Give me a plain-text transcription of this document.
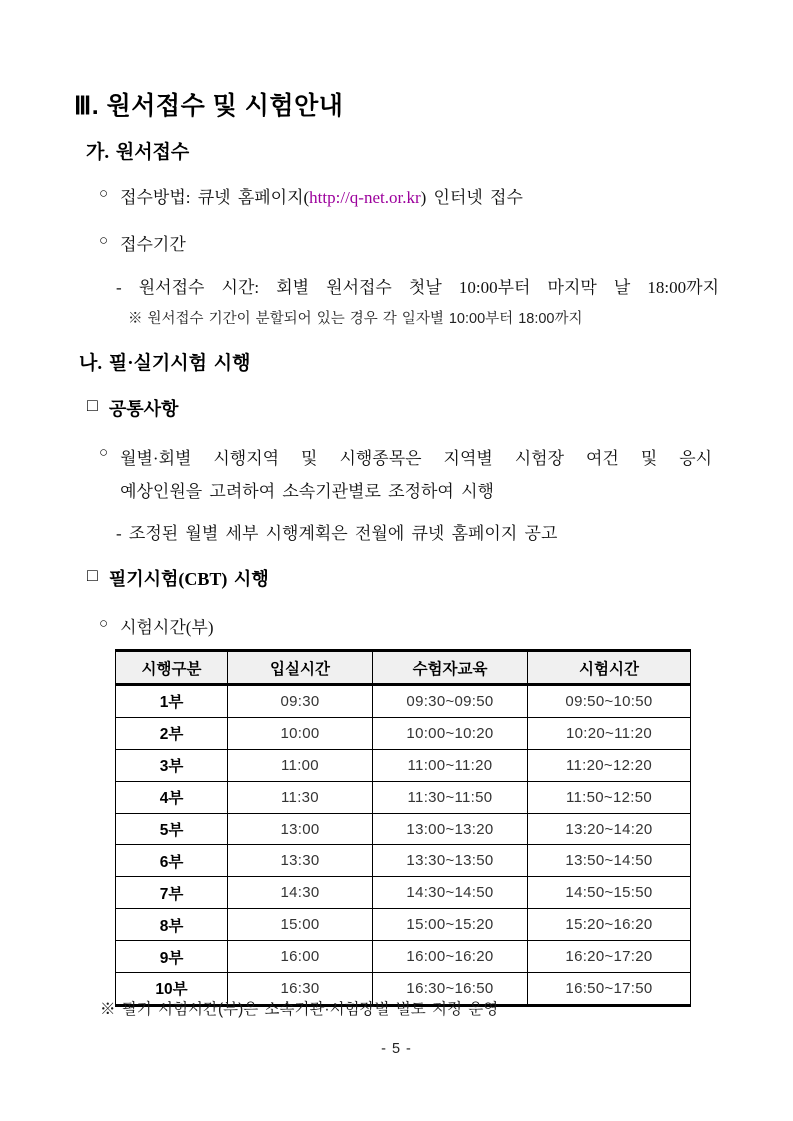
Ⅲ. 원서접수 및 시험안내
가. 원서접수
○ 접수방법: 큐넷 홈페이지(http://q-net.or.kr) 인터넷 접수
○ 접수기간
- 원서접수 시간: 회별 원서접수 첫날 10:00부터 마지막 날 18:00까지
※ 원서접수 기간이 분할되어 있는 경우 각 일자별 10:00부터 18:00까지
나. 필·실기시험 시행
□ 공통사항
○ 월별·회별 시행지역 및 시행종목은 지역별 시험장 여건 및 응시
예상인원을 고려하여 소속기관별로 조정하여 시행
- 조정된 월별 세부 시행계획은 전월에 큐넷 홈페이지 공고
□ 필기시험(CBT) 시행
○ 시험시간(부)
시행구분	입실시간	수험자교육	시험시간
1부	09:30	09:30~09:50	09:50~10:50
2부	10:00	10:00~10:20	10:20~11:20
3부	11:00	11:00~11:20	11:20~12:20
4부	11:30	11:30~11:50	11:50~12:50
5부	13:00	13:00~13:20	13:20~14:20
6부	13:30	13:30~13:50	13:50~14:50
7부	14:30	14:30~14:50	14:50~15:50
8부	15:00	15:00~15:20	15:20~16:20
9부	16:00	16:00~16:20	16:20~17:20
10부	16:30	16:30~16:50	16:50~17:50
※ 필기 시험시간(부)은 소속기관·시험장별 별도 지정 운영
- 5 -
